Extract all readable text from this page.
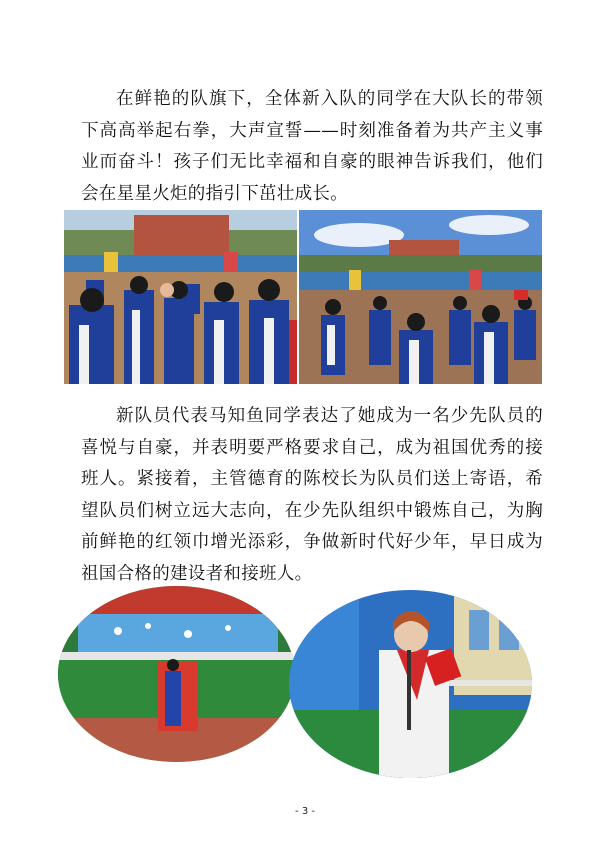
在鲜艳的队旗下，全体新入队的同学在大队长的带领下高高举起右拳，大声宣誓——时刻准备着为共产主义事业而奋斗！孩子们无比幸福和自豪的眼神告诉我们，他们会在星星火炬的指引下茁壮成长。

新队员代表马知鱼同学表达了她成为一名少先队员的喜悦与自豪，并表明要严格要求自己，成为祖国优秀的接班人。紧接着，主管德育的陈校长为队员们送上寄语，希望队员们树立远大志向，在少先队组织中锻炼自己，为胸前鲜艳的红领巾增光添彩，争做新时代好少年，早日成为祖国合格的建设者和接班人。

- 3 -
